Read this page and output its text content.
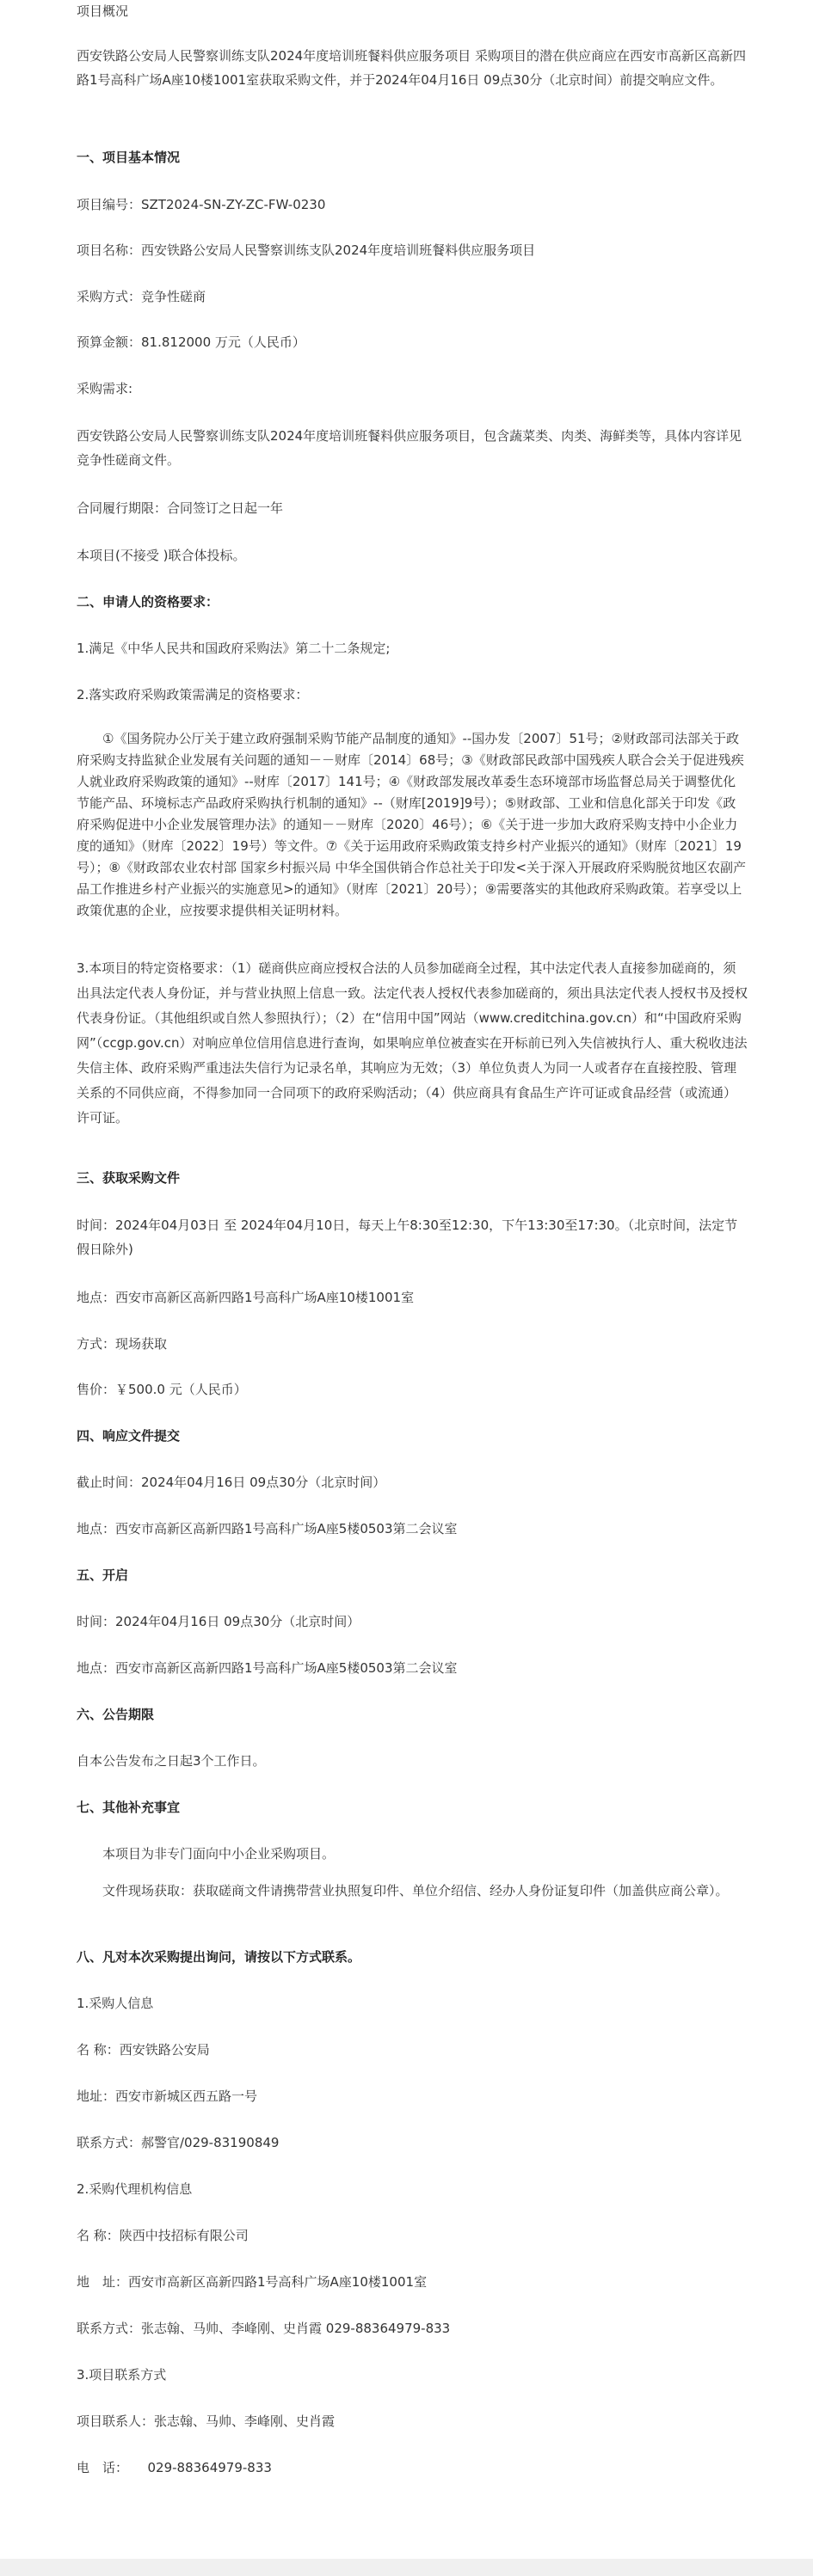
项目概况
西安铁路公安局人民警察训练支队2024年度培训班餐料供应服务项目 采购项目的潜在供应商应在西安市高新区高新四路1号高科广场A座10楼1001室获取采购文件，并于2024年04月16日 09点30分（北京时间）前提交响应文件。
一、项目基本情况
项目编号：SZT2024-SN-ZY-ZC-FW-0230
项目名称：西安铁路公安局人民警察训练支队2024年度培训班餐料供应服务项目
采购方式：竞争性磋商
预算金额：81.812000 万元（人民币）
采购需求:
西安铁路公安局人民警察训练支队2024年度培训班餐料供应服务项目，包含蔬菜类、肉类、海鲜类等，具体内容详见竞争性磋商文件。
合同履行期限：合同签订之日起一年
本项目(不接受 )联合体投标。
二、申请人的资格要求：
1.满足《中华人民共和国政府采购法》第二十二条规定;
2.落实政府采购政策需满足的资格要求：
①《国务院办公厅关于建立政府强制采购节能产品制度的通知》--国办发〔2007〕51号；②财政部司法部关于政府采购支持监狱企业发展有关问题的通知－－财库〔2014〕68号；③《财政部民政部中国残疾人联合会关于促进残疾人就业政府采购政策的通知》--财库〔2017〕141号；④《财政部发展改革委生态环境部市场监督总局关于调整优化节能产品、环境标志产品政府采购执行机制的通知》--（财库[2019]9号）；⑤财政部、工业和信息化部关于印发《政府采购促进中小企业发展管理办法》的通知－－财库〔2020〕46号）；⑥《关于进一步加大政府采购支持中小企业力度的通知》（财库〔2022〕19号）等文件。⑦《关于运用政府采购政策支持乡村产业振兴的通知》（财库〔2021〕19 号）；⑧《财政部农业农村部 国家乡村振兴局 中华全国供销合作总社关于印发<关于深入开展政府采购脱贫地区农副产品工作推进乡村产业振兴的实施意见>的通知》（财库〔2021〕20号）；⑨需要落实的其他政府采购政策。若享受以上政策优惠的企业，应按要求提供相关证明材料。
3.本项目的特定资格要求：（1）磋商供应商应授权合法的人员参加磋商全过程，其中法定代表人直接参加磋商的，须出具法定代表人身份证，并与营业执照上信息一致。法定代表人授权代表参加磋商的，须出具法定代表人授权书及授权代表身份证。（其他组织或自然人参照执行）；（2）在“信用中国”网站（www.creditchina.gov.cn）和“中国政府采购网”（ccgp.gov.cn）对响应单位信用信息进行查询，如果响应单位被查实在开标前已列入失信被执行人、重大税收违法失信主体、政府采购严重违法失信行为记录名单，其响应为无效；（3）单位负责人为同一人或者存在直接控股、管理关系的不同供应商，不得参加同一合同项下的政府采购活动；（4）供应商具有食品生产许可证或食品经营（或流通）许可证。
三、获取采购文件
时间：2024年04月03日 至 2024年04月10日，每天上午8:30至12:30，下午13:30至17:30。（北京时间，法定节假日除外)
地点：西安市高新区高新四路1号高科广场A座10楼1001室
方式：现场获取
售价：￥500.0 元（人民币）
四、响应文件提交
截止时间：2024年04月16日 09点30分（北京时间）
地点：西安市高新区高新四路1号高科广场A座5楼0503第二会议室
五、开启
时间：2024年04月16日 09点30分（北京时间）
地点：西安市高新区高新四路1号高科广场A座5楼0503第二会议室
六、公告期限
自本公告发布之日起3个工作日。
七、其他补充事宜
本项目为非专门面向中小企业采购项目。
文件现场获取：获取磋商文件请携带营业执照复印件、单位介绍信、经办人身份证复印件（加盖供应商公章）。
八、凡对本次采购提出询问，请按以下方式联系。
1.采购人信息
名 称：西安铁路公安局
地址：西安市新城区西五路一号
联系方式：郝警官/029-83190849
2.采购代理机构信息
名 称：陕西中技招标有限公司
地　址：西安市高新区高新四路1号高科广场A座10楼1001室
联系方式：张志翰、马帅、李峰刚、史肖霞 029-88364979-833
3.项目联系方式
项目联系人：张志翰、马帅、李峰刚、史肖霞
电　话：　　029-88364979-833
